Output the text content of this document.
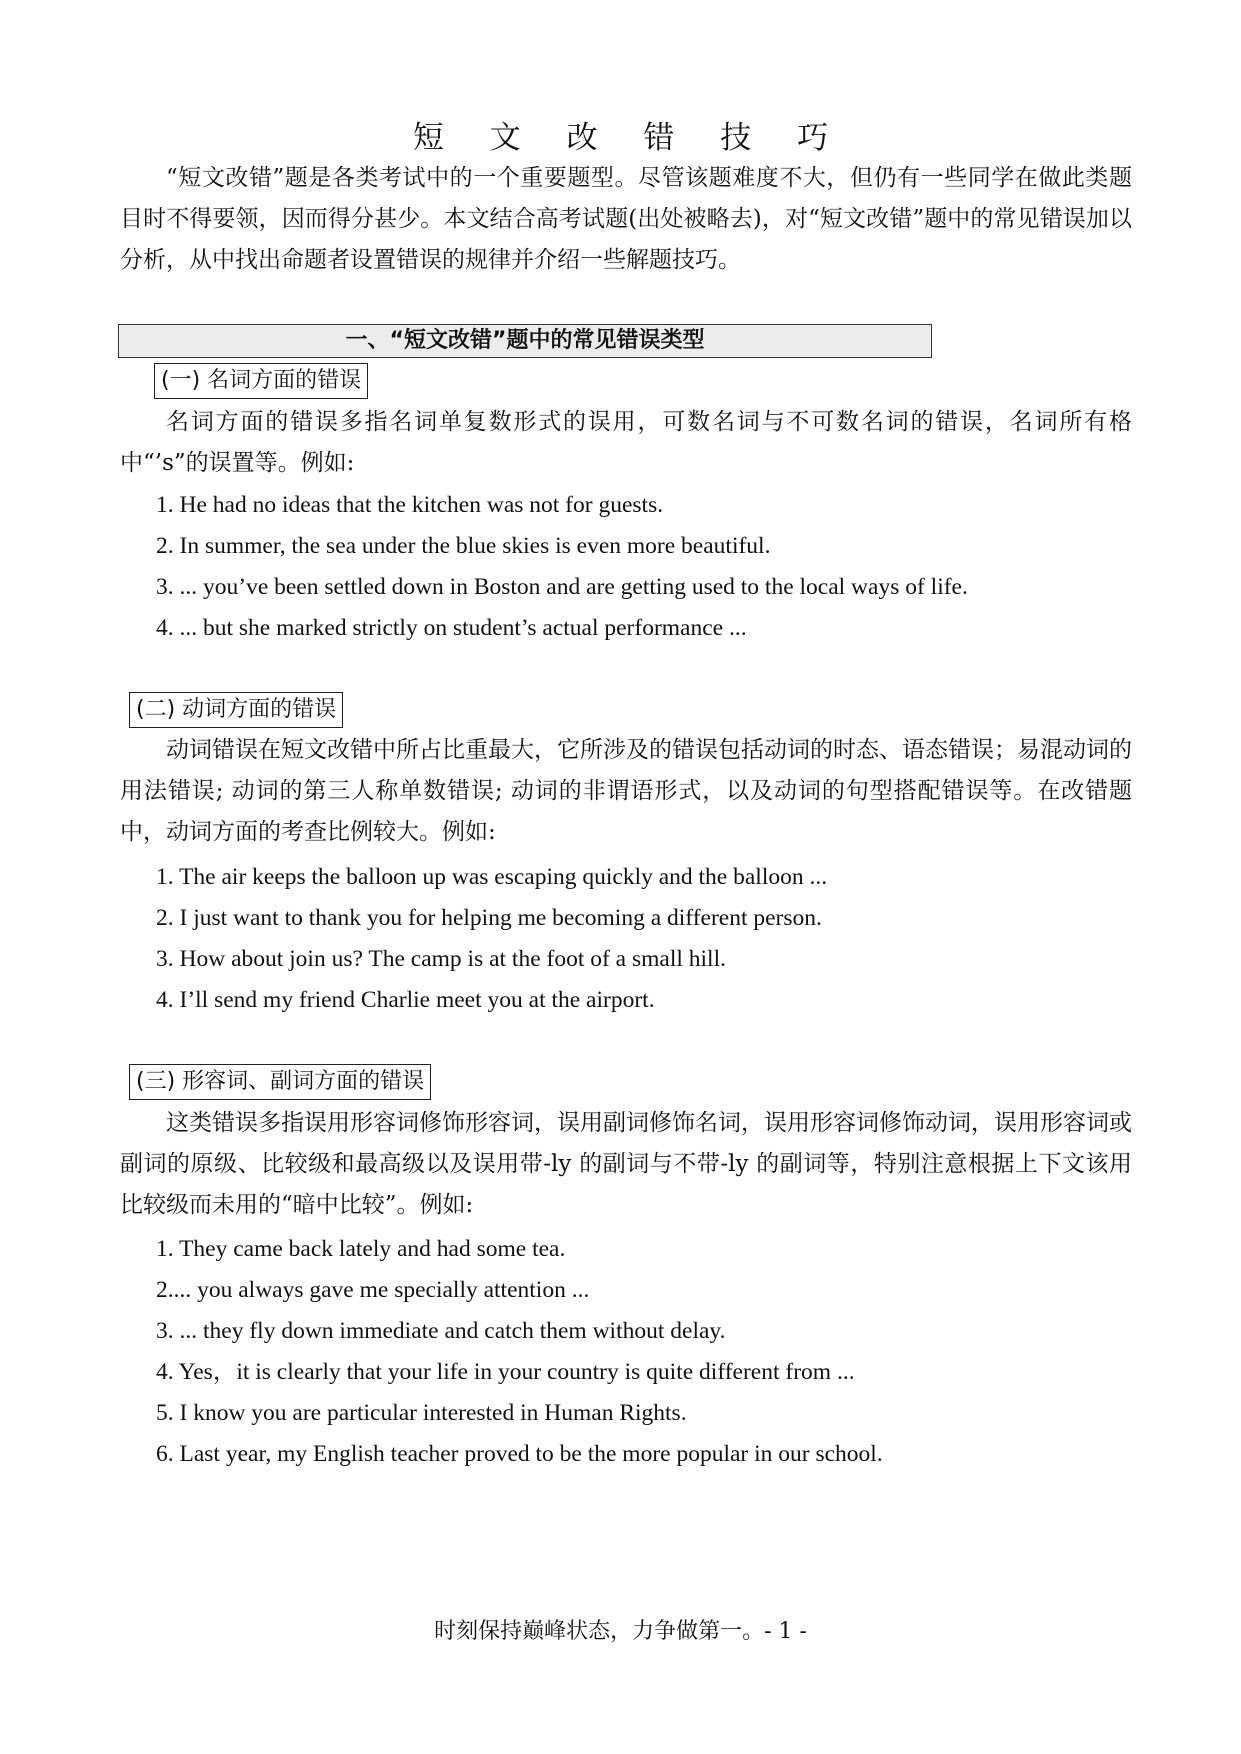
短 文 改 错 技 巧

“短文改错”题是各类考试中的一个重要题型。尽管该题难度不大，但仍有一些同学在做此类题目时不得要领，因而得分甚少。本文结合高考试题(出处被略去)，对“短文改错”题中的常见错误加以分析，从中找出命题者设置错误的规律并介绍一些解题技巧。

一、“短文改错”题中的常见错误类型
(一) 名词方面的错误

名词方面的错误多指名词单复数形式的误用，可数名词与不可数名词的错误，名词所有格中“’s”的误置等。例如:

1. He had no ideas that the kitchen was not for guests.
2. In summer, the sea under the blue skies is even more beautiful.
3. ... you’ve been settled down in Boston and are getting used to the local ways of life.
4. ... but she marked strictly on student’s actual performance ...
(二) 动词方面的错误

动词错误在短文改错中所占比重最大，它所涉及的错误包括动词的时态、语态错误；易混动词的用法错误; 动词的第三人称单数错误; 动词的非谓语形式，以及动词的句型搭配错误等。在改错题中，动词方面的考查比例较大。例如:

1. The air keeps the balloon up was escaping quickly and the balloon ...
2. I just want to thank you for helping me becoming a different person.
3. How about join us? The camp is at the foot of a small hill.
4. I’ll send my friend Charlie meet you at the airport.
(三) 形容词、副词方面的错误

这类错误多指误用形容词修饰形容词，误用副词修饰名词，误用形容词修饰动词，误用形容词或副词的原级、比较级和最高级以及误用带-ly 的副词与不带-ly 的副词等，特别注意根据上下文该用比较级而未用的“暗中比较”。例如:

1. They came back lately and had some tea.
2.... you always gave me specially attention ...
3. ... they fly down immediate and catch them without delay.
4. Yes，it is clearly that your life in your country is quite different from ...
5. I know you are particular interested in Human Rights.
6. Last year, my English teacher proved to be the more popular in our school.
时刻保持巅峰状态，力争做第一。- 1 -
